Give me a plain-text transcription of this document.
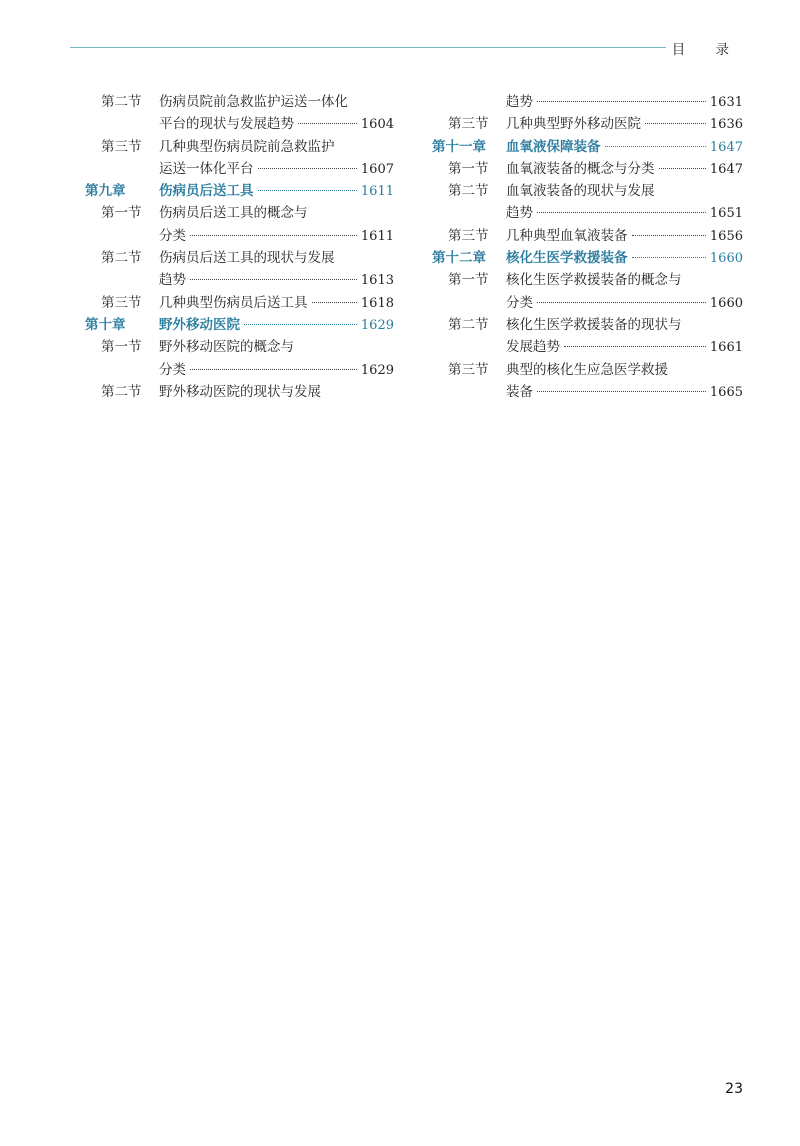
目 录
第二节	伤病员院前急救监护运送一体化
平台的现状与发展趋势	1604
第三节	几种典型伤病员院前急救监护
运送一体化平台	1607
第九章	伤病员后送工具	1611
第一节	伤病员后送工具的概念与
分类	1611
第二节	伤病员后送工具的现状与发展
趋势	1613
第三节	几种典型伤病员后送工具	1618
第十章	野外移动医院	1629
第一节	野外移动医院的概念与
分类	1629
第二节	野外移动医院的现状与发展
趋势	1631
第三节	几种典型野外移动医院	1636
第十一章	血氧液保障装备	1647
第一节	血氧液装备的概念与分类	1647
第二节	血氧液装备的现状与发展
趋势	1651
第三节	几种典型血氧液装备	1656
第十二章	核化生医学救援装备	1660
第一节	核化生医学救援装备的概念与
分类	1660
第二节	核化生医学救援装备的现状与
发展趋势	1661
第三节	典型的核化生应急医学救援
装备	1665
23
